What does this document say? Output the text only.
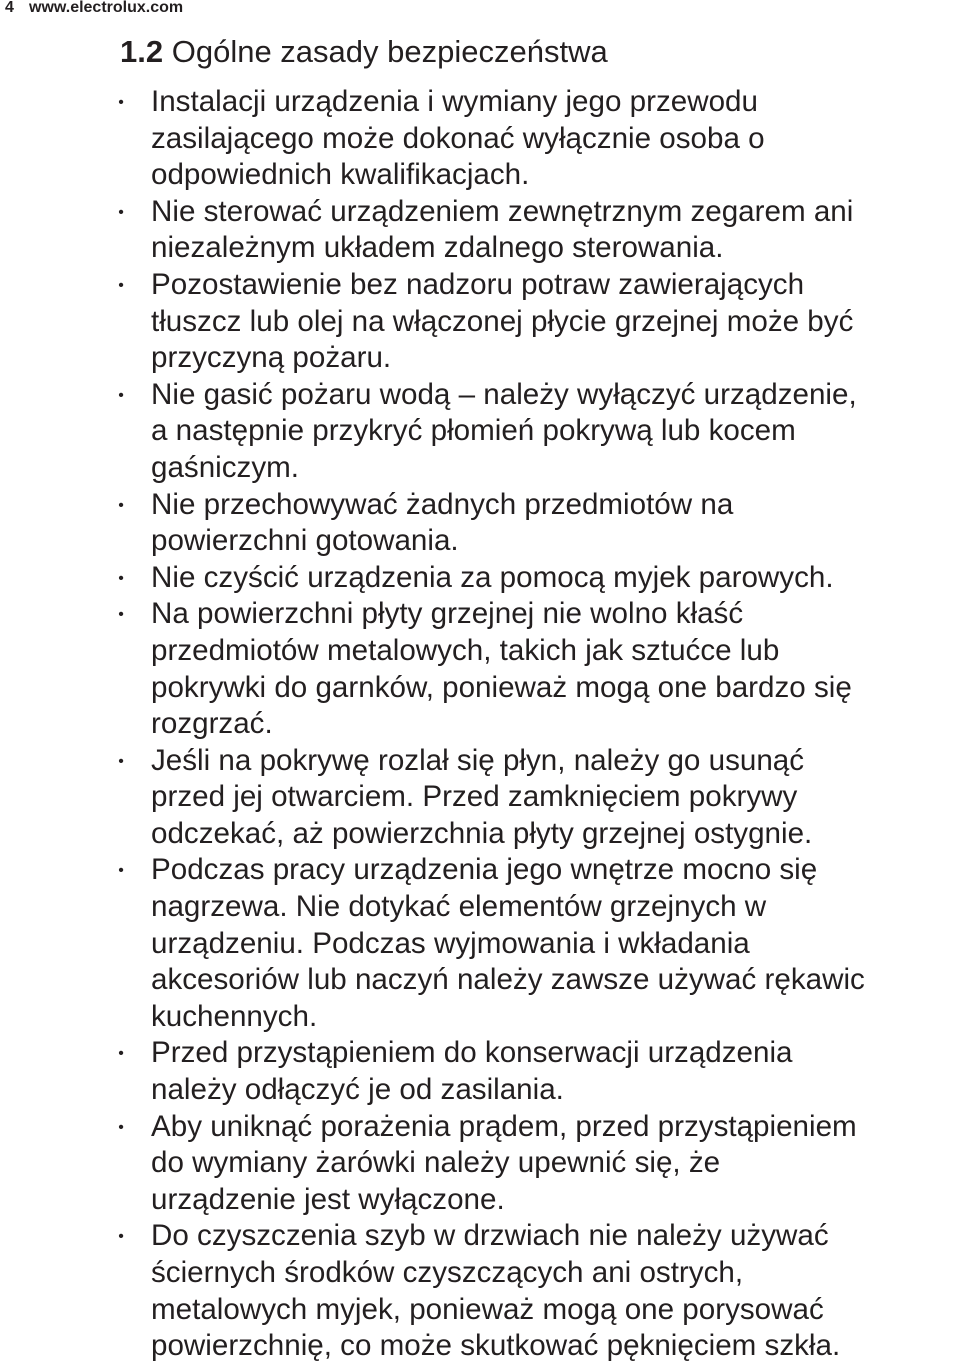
4 www.electrolux.com
1.2 Ogólne zasady bezpieczeństwa
• Instalacji urządzenia i wymiany jego przewodu
zasilającego może dokonać wyłącznie osoba o
odpowiednich kwalifikacjach.
• Nie sterować urządzeniem zewnętrznym zegarem ani
niezależnym układem zdalnego sterowania.
• Pozostawienie bez nadzoru potraw zawierających
tłuszcz lub olej na włączonej płycie grzejnej może być
przyczyną pożaru.
• Nie gasić pożaru wodą – należy wyłączyć urządzenie,
a następnie przykryć płomień pokrywą lub kocem
gaśniczym.
• Nie przechowywać żadnych przedmiotów na
powierzchni gotowania.
• Nie czyścić urządzenia za pomocą myjek parowych.
• Na powierzchni płyty grzejnej nie wolno kłaść
przedmiotów metalowych, takich jak sztućce lub
pokrywki do garnków, ponieważ mogą one bardzo się
rozgrzać.
• Jeśli na pokrywę rozlał się płyn, należy go usunąć
przed jej otwarciem. Przed zamknięciem pokrywy
odczekać, aż powierzchnia płyty grzejnej ostygnie.
• Podczas pracy urządzenia jego wnętrze mocno się
nagrzewa. Nie dotykać elementów grzejnych w
urządzeniu. Podczas wyjmowania i wkładania
akcesoriów lub naczyń należy zawsze używać rękawic
kuchennych.
• Przed przystąpieniem do konserwacji urządzenia
należy odłączyć je od zasilania.
• Aby uniknąć porażenia prądem, przed przystąpieniem
do wymiany żarówki należy upewnić się, że
urządzenie jest wyłączone.
• Do czyszczenia szyb w drzwiach nie należy używać
ściernych środków czyszczących ani ostrych,
metalowych myjek, ponieważ mogą one porysować
powierzchnię, co może skutkować pęknięciem szkła.
